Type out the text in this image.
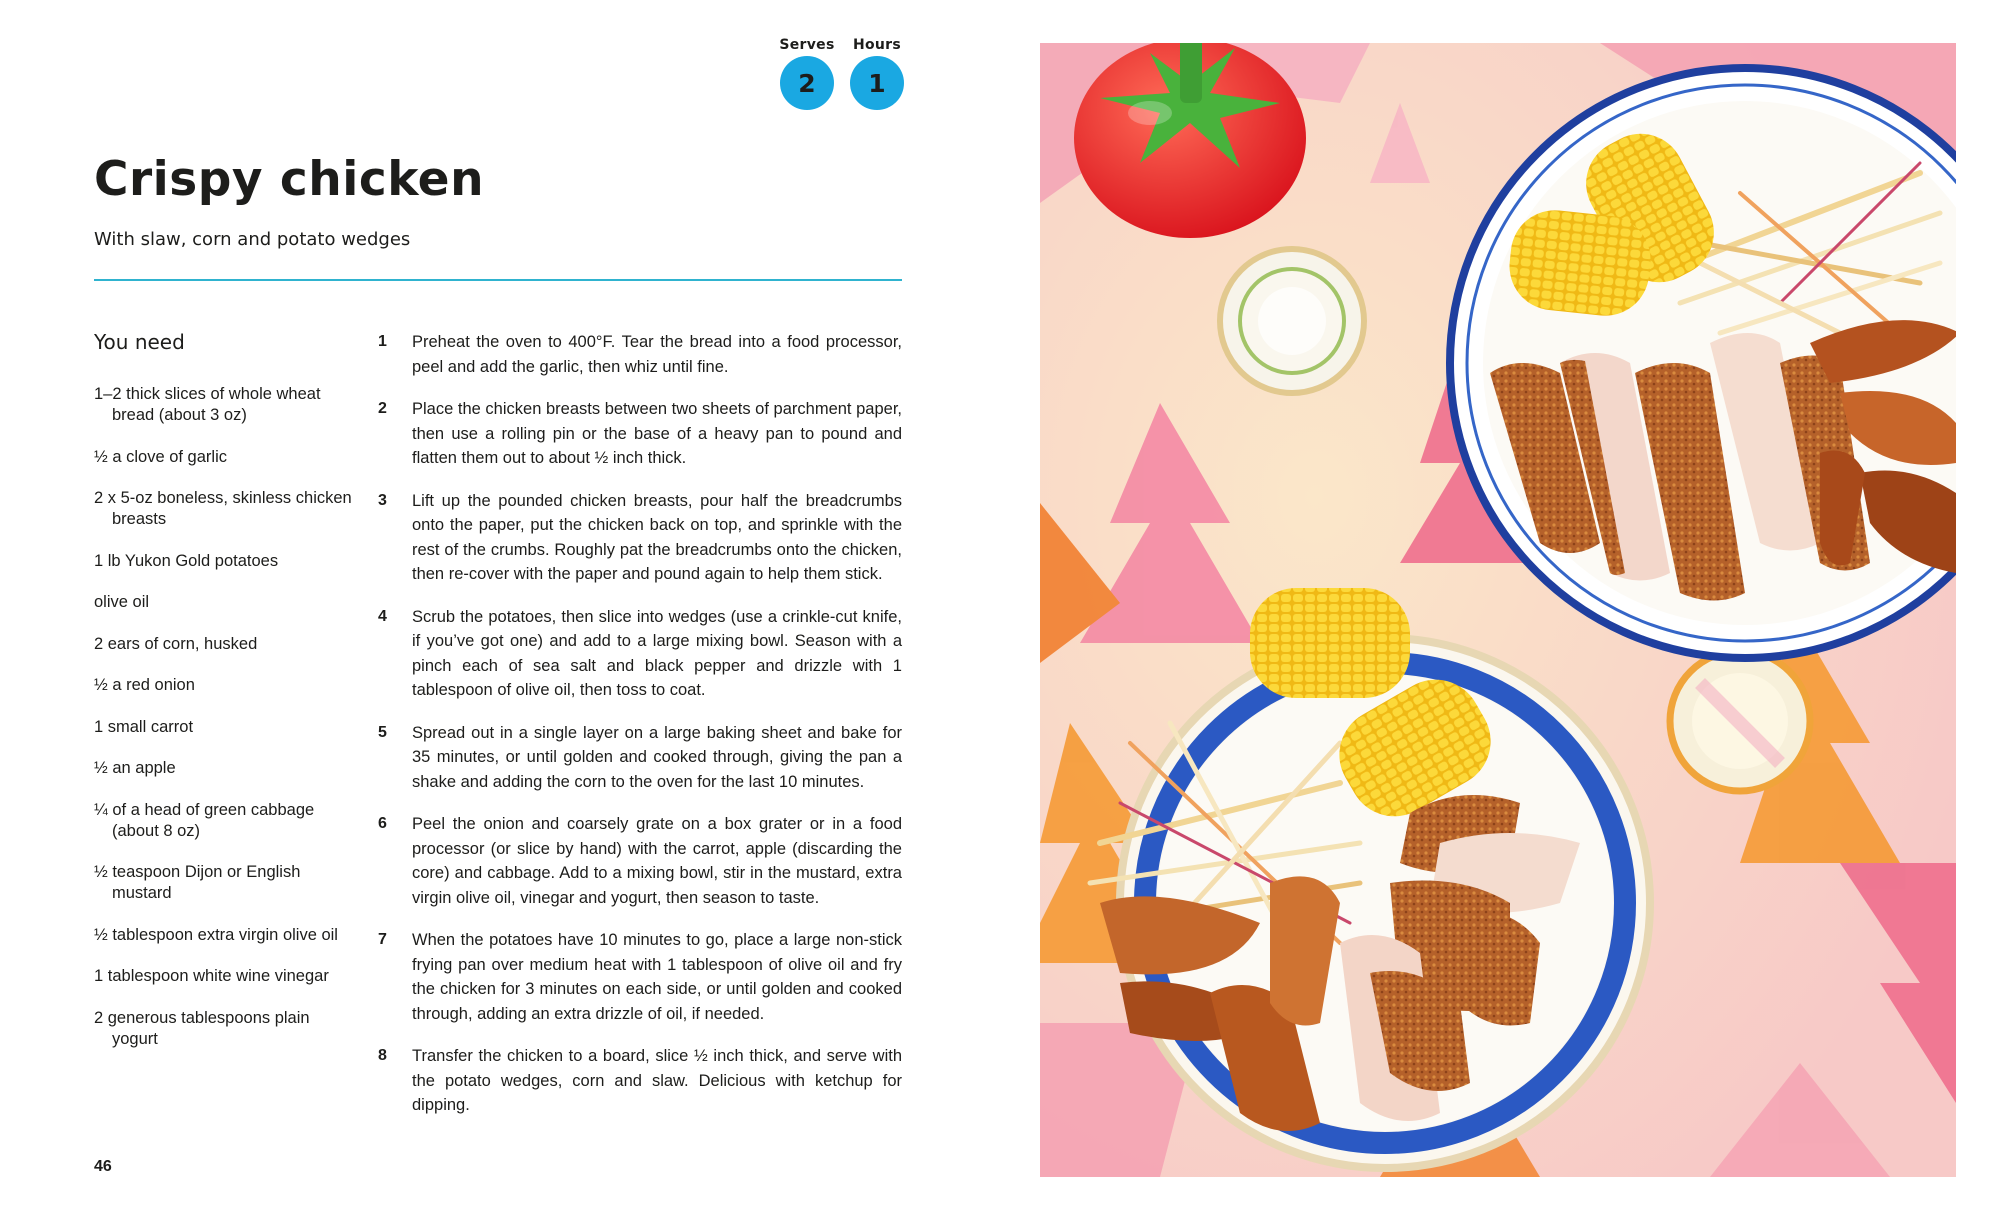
Serves
2
Hours
1
Crispy chicken

With slaw, corn and potato wedges

You need
1–2 thick slices of whole wheat bread (about 3 oz)
½ a clove of garlic
2 x 5-oz boneless, skinless chicken breasts
1 lb Yukon Gold potatoes
olive oil
2 ears of corn, husked
½ a red onion
1 small carrot
½ an apple
¼ of a head of green cabbage (about 8 oz)
½ teaspoon Dijon or English mustard
½ tablespoon extra virgin olive oil
1 tablespoon white wine vinegar
2 generous tablespoons plain yogurt
1 Preheat the oven to 400°F. Tear the bread into a food processor, peel and add the garlic, then whiz until fine.
2 Place the chicken breasts between two sheets of parchment paper, then use a rolling pin or the base of a heavy pan to pound and flatten them out to about ½ inch thick.
3 Lift up the pounded chicken breasts, pour half the breadcrumbs onto the paper, put the chicken back on top, and sprinkle with the rest of the crumbs. Roughly pat the breadcrumbs onto the chicken, then re-cover with the paper and pound again to help them stick.
4 Scrub the potatoes, then slice into wedges (use a crinkle-cut knife, if you’ve got one) and add to a large mixing bowl. Season with a pinch each of sea salt and black pepper and drizzle with 1 tablespoon of olive oil, then toss to coat.
5 Spread out in a single layer on a large baking sheet and bake for 35 minutes, or until golden and cooked through, giving the pan a shake and adding the corn to the oven for the last 10 minutes.
6 Peel the onion and coarsely grate on a box grater or in a food processor (or slice by hand) with the carrot, apple (discarding the core) and cabbage. Add to a mixing bowl, stir in the mustard, extra virgin olive oil, vinegar and yogurt, then season to taste.
7 When the potatoes have 10 minutes to go, place a large non-stick frying pan over medium heat with 1 tablespoon of olive oil and fry the chicken for 3 minutes on each side, or until golden and cooked through, adding an extra drizzle of oil, if needed.
8 Transfer the chicken to a board, slice ½ inch thick, and serve with the potato wedges, corn and slaw. Delicious with ketchup for dipping.
46
